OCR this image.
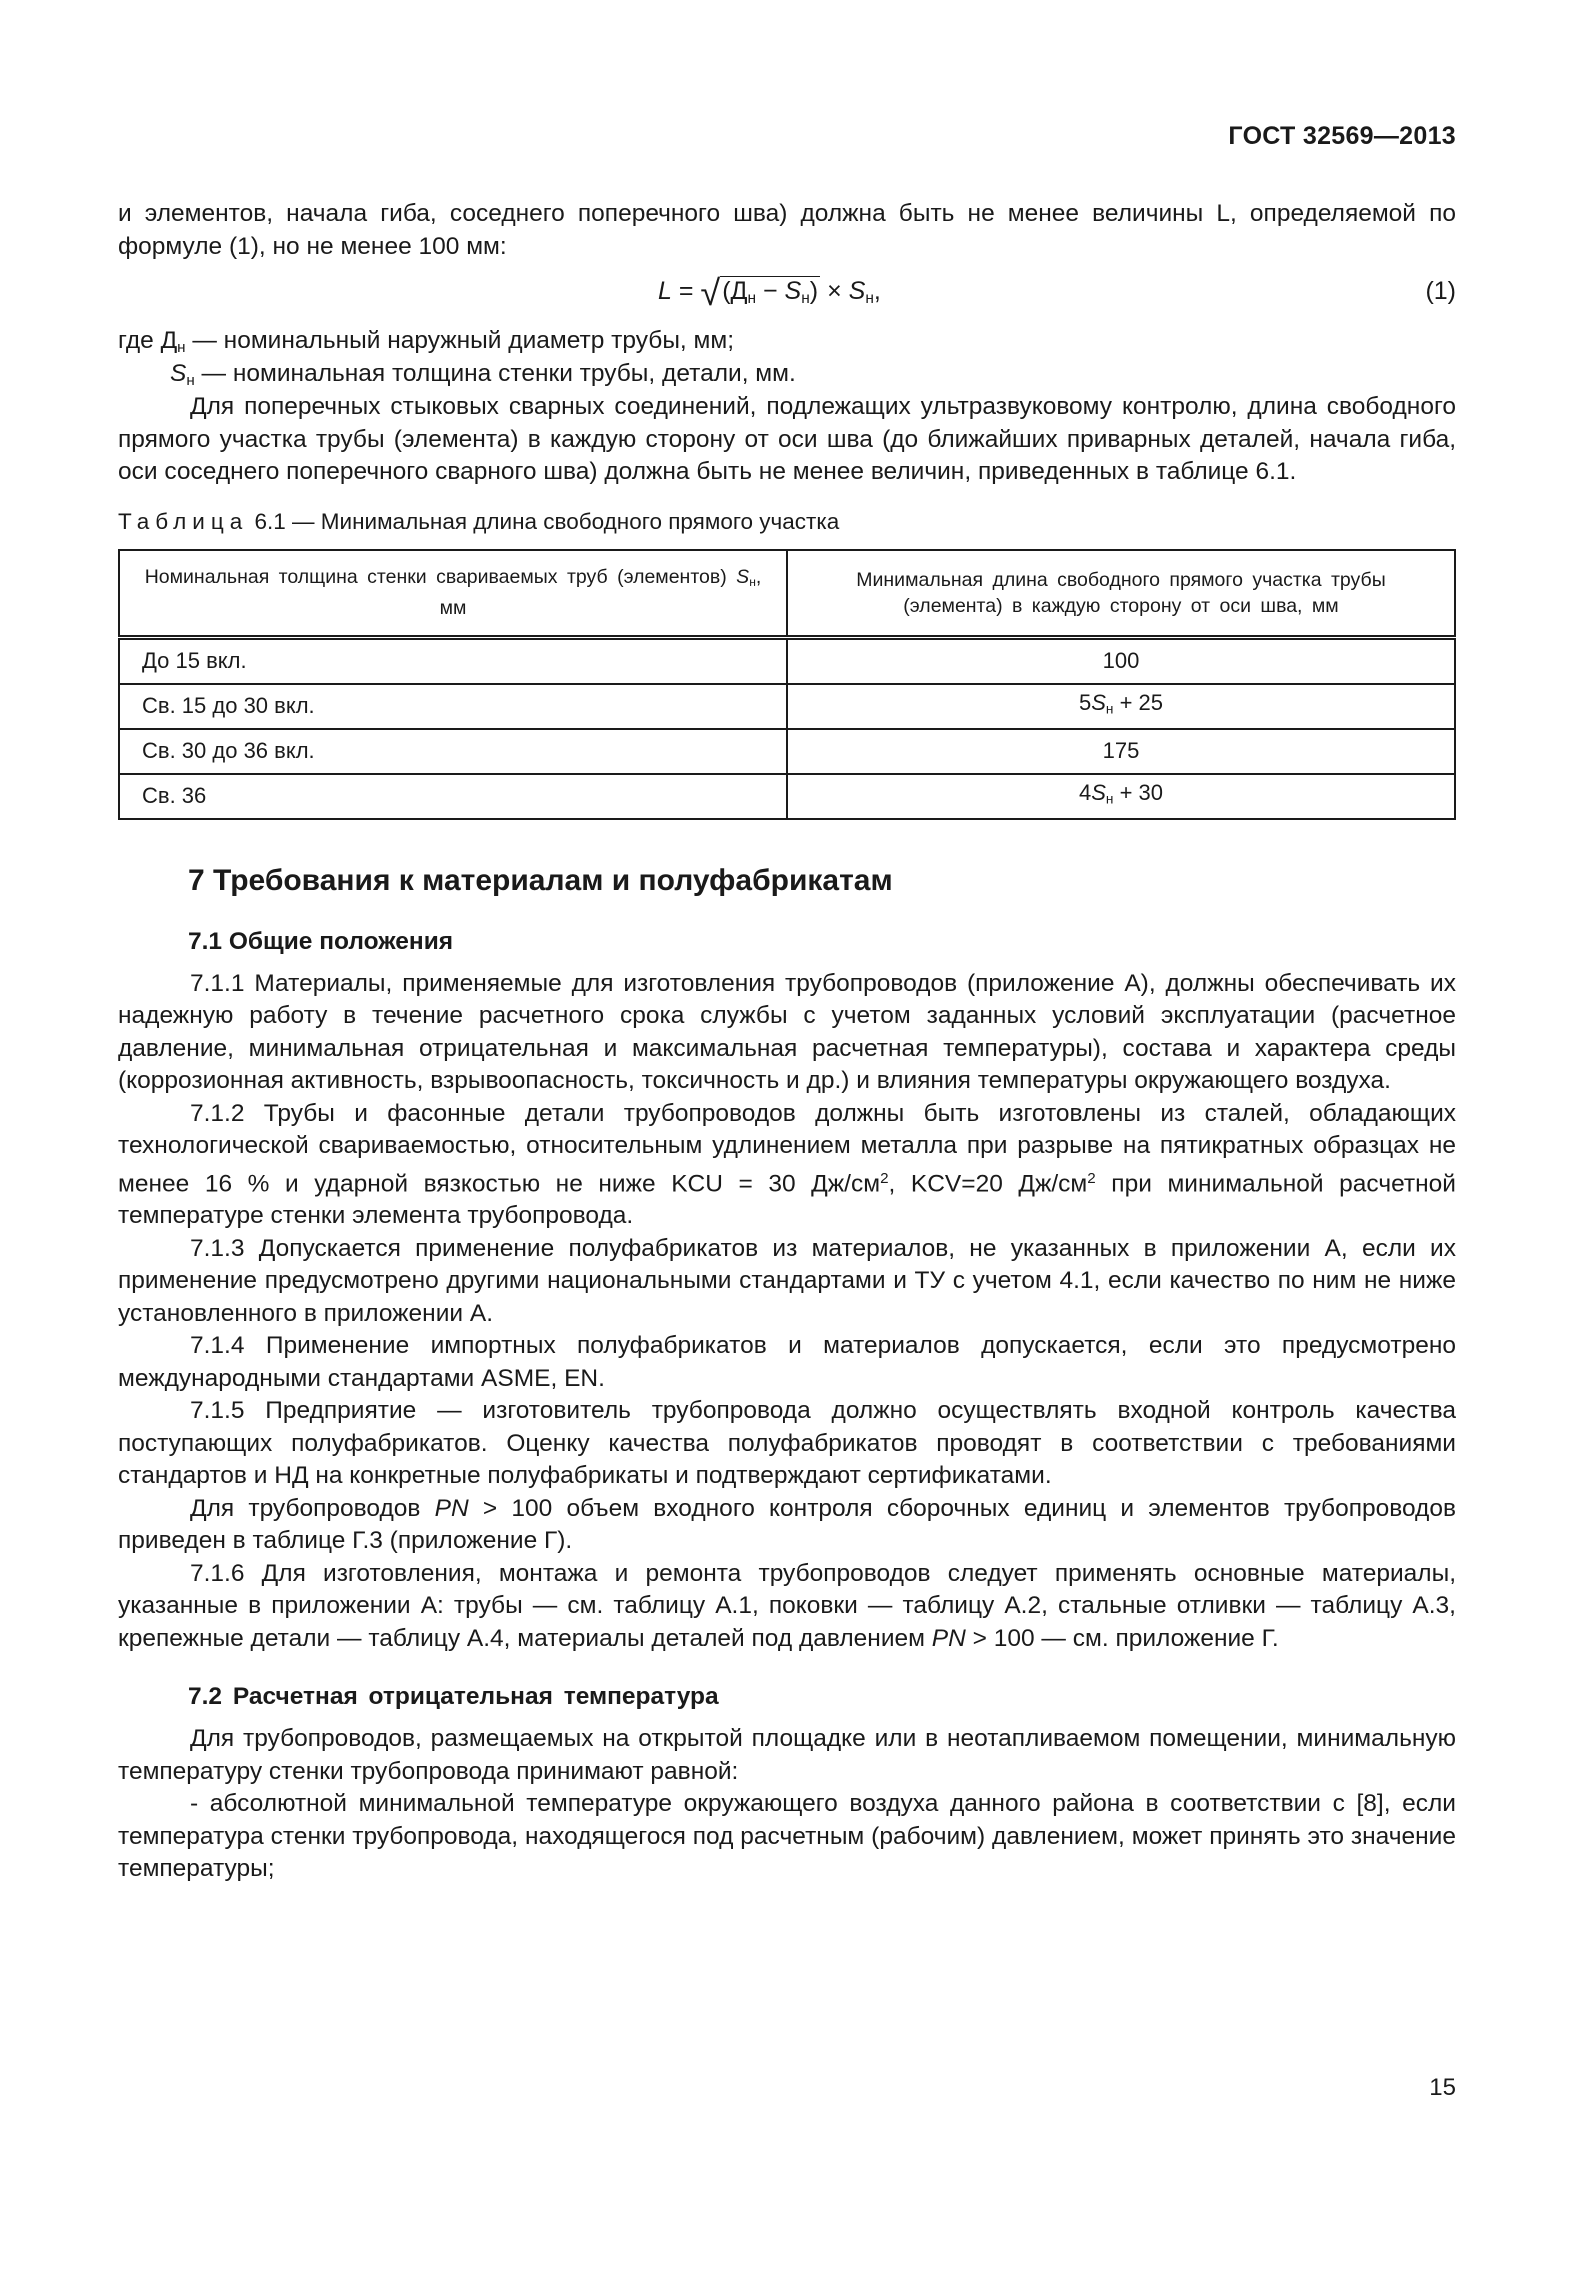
ГОСТ 32569—2013

и элементов, начала гиба, соседнего поперечного шва) должна быть не менее величины L, определяемой по формуле (1), но не менее 100 мм:

$L = √(Д_н - S_н) \times S_н$,	(1)
где $Д_н$ — номинальный наружный диаметр трубы, мм;
$S_н$ — номинальная толщина стенки трубы, детали, мм.

Для поперечных стыковых сварных соединений, подлежащих ультразвуковому контролю, длина свободного прямого участка трубы (элемента) в каждую сторону от оси шва (до ближайших приварных деталей, начала гиба, оси соседнего поперечного сварного шва) должна быть не менее величин, приведенных в таблице 6.1.

Таблица 6.1 — Минимальная длина свободного прямого участка
Номинальная толщина стенки свариваемых труб (элементов) $S_н$, мм	Минимальная длина свободного прямого участка трубы (элемента) в каждую сторону от оси шва, мм
До 15 вкл.	100
Св. 15 до 30 вкл.	$5S_н + 25$
Св. 30 до 36 вкл.	175
Св. 36	$4S_н + 30$
7 Требования к материалам и полуфабрикатам
7.1 Общие положения

7.1.1 Материалы, применяемые для изготовления трубопроводов (приложение А), должны обеспечивать их надежную работу в течение расчетного срока службы с учетом заданных условий эксплуатации (расчетное давление, минимальная отрицательная и максимальная расчетная температуры), состава и характера среды (коррозионная активность, взрывоопасность, токсичность и др.) и влияния температуры окружающего воздуха.

7.1.2 Трубы и фасонные детали трубопроводов должны быть изготовлены из сталей, обладающих технологической свариваемостью, относительным удлинением металла при разрыве на пятикратных образцах не менее 16 % и ударной вязкостью не ниже KCU = 30 $Дж/см^2$, KCV=20 $Дж/см^2$ при минимальной расчетной температуре стенки элемента трубопровода.

7.1.3 Допускается применение полуфабрикатов из материалов, не указанных в приложении А, если их применение предусмотрено другими национальными стандартами и ТУ с учетом 4.1, если качество по ним не ниже установленного в приложении А.

7.1.4 Применение импортных полуфабрикатов и материалов допускается, если это предусмотрено международными стандартами ASME, EN.

7.1.5 Предприятие — изготовитель трубопровода должно осуществлять входной контроль качества поступающих полуфабрикатов. Оценку качества полуфабрикатов проводят в соответствии с требованиями стандартов и НД на конкретные полуфабрикаты и подтверждают сертификатами.

Для трубопроводов PN > 100 объем входного контроля сборочных единиц и элементов трубопроводов приведен в таблице Г.3 (приложение Г).

7.1.6 Для изготовления, монтажа и ремонта трубопроводов следует применять основные материалы, указанные в приложении А: трубы — см. таблицу А.1, поковки — таблицу А.2, стальные отливки — таблицу А.3, крепежные детали — таблицу А.4, материалы деталей под давлением PN > 100 — см. приложение Г.

7.2 Расчетная отрицательная температура

Для трубопроводов, размещаемых на открытой площадке или в неотапливаемом помещении, минимальную температуру стенки трубопровода принимают равной:

- абсолютной минимальной температуре окружающего воздуха данного района в соответствии с [8], если температура стенки трубопровода, находящегося под расчетным (рабочим) давлением, может принять это значение температуры;

15
